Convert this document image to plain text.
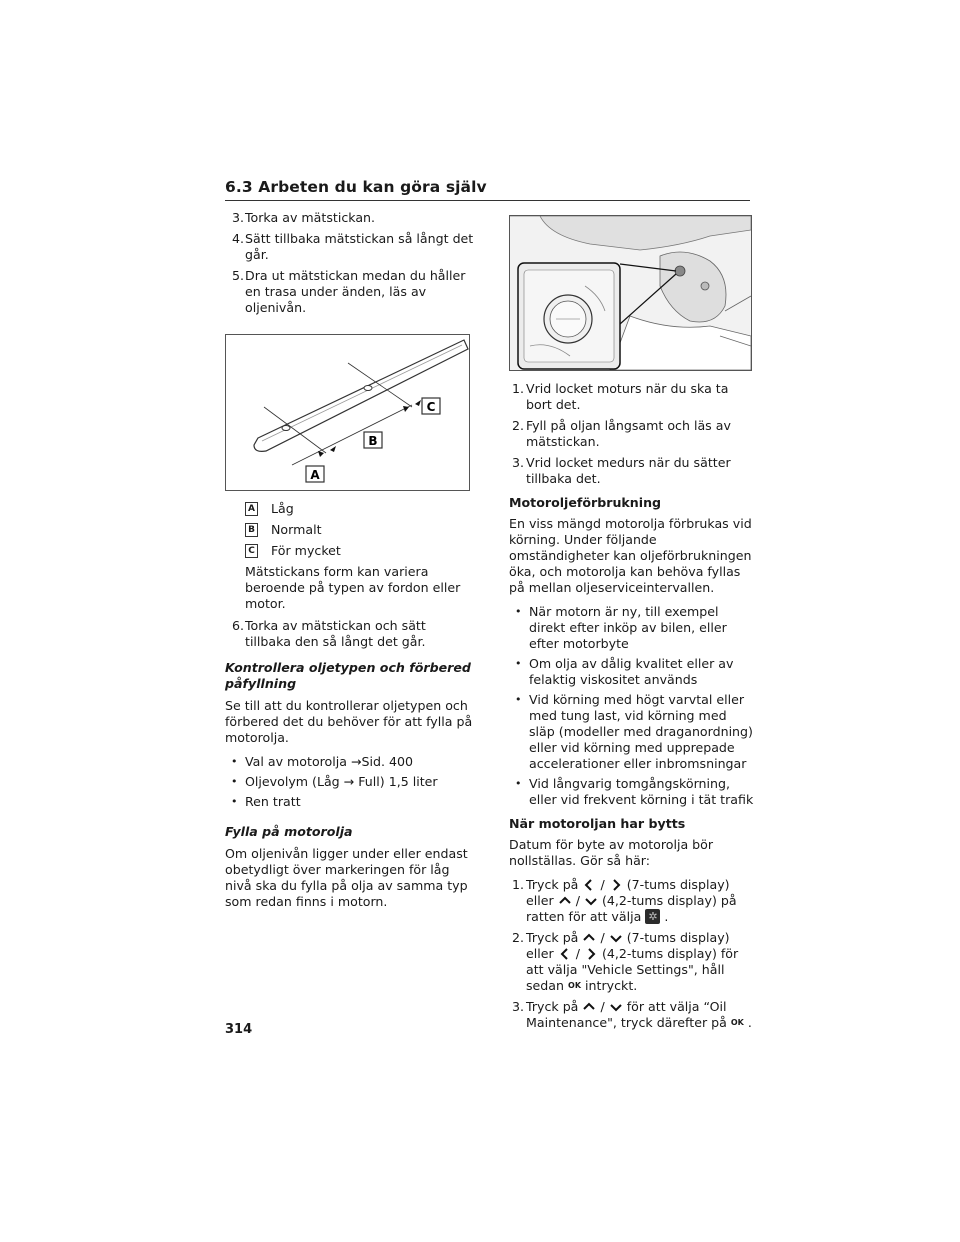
6.3 Arbeten du kan göra själv
3. Torka av mätstickan.
4. Sätt tillbaka mätstickan så långt det går.
5. Dra ut mätstickan medan du håller en trasa under änden, läs av oljenivån.
C
B
A
A Låg
B Normalt
C För mycket
Mätstickans form kan variera beroende på typen av fordon eller motor.
6. Torka av mätstickan och sätt tillbaka den så långt det går.
Kontrollera oljetypen och förbered påfyllning
Se till att du kontrollerar oljetypen och förbered det du behöver för att fylla på motorolja.
• Val av motorolja →Sid. 400
• Oljevolym (Låg → Full) 1,5 liter
• Ren tratt
Fylla på motorolja
Om oljenivån ligger under eller endast obetydligt över markeringen för låg nivå ska du fylla på olja av samma typ som redan finns i motorn.
1. Vrid locket moturs när du ska ta bort det.
2. Fyll på oljan långsamt och läs av mätstickan.
3. Vrid locket medurs när du sätter tillbaka det.
Motoroljeförbrukning
En viss mängd motorolja förbrukas vid körning. Under följande omständigheter kan oljeförbrukningen öka, och motorolja kan behöva fyllas på mellan oljeserviceintervallen.
• När motorn är ny, till exempel direkt efter inköp av bilen, eller efter motorbyte
• Om olja av dålig kvalitet eller av felaktig viskositet används
• Vid körning med högt varvtal eller med tung last, vid körning med släp (modeller med draganordning) eller vid körning med upprepade accelerationer eller inbromsningar
• Vid långvarig tomgångskörning, eller vid frekvent körning i tät trafik
När motoroljan har bytts
Datum för byte av motorolja bör nollställas. Gör så här:
1. Tryck på / (7-tums display) eller / (4,2-tums display) på ratten för att välja ✲ .
2. Tryck på / (7-tums display) eller / (4,2-tums display) för att välja "Vehicle Settings", håll sedan OK intryckt.
3. Tryck på / för att välja “Oil Maintenance", tryck därefter på OK .
314
